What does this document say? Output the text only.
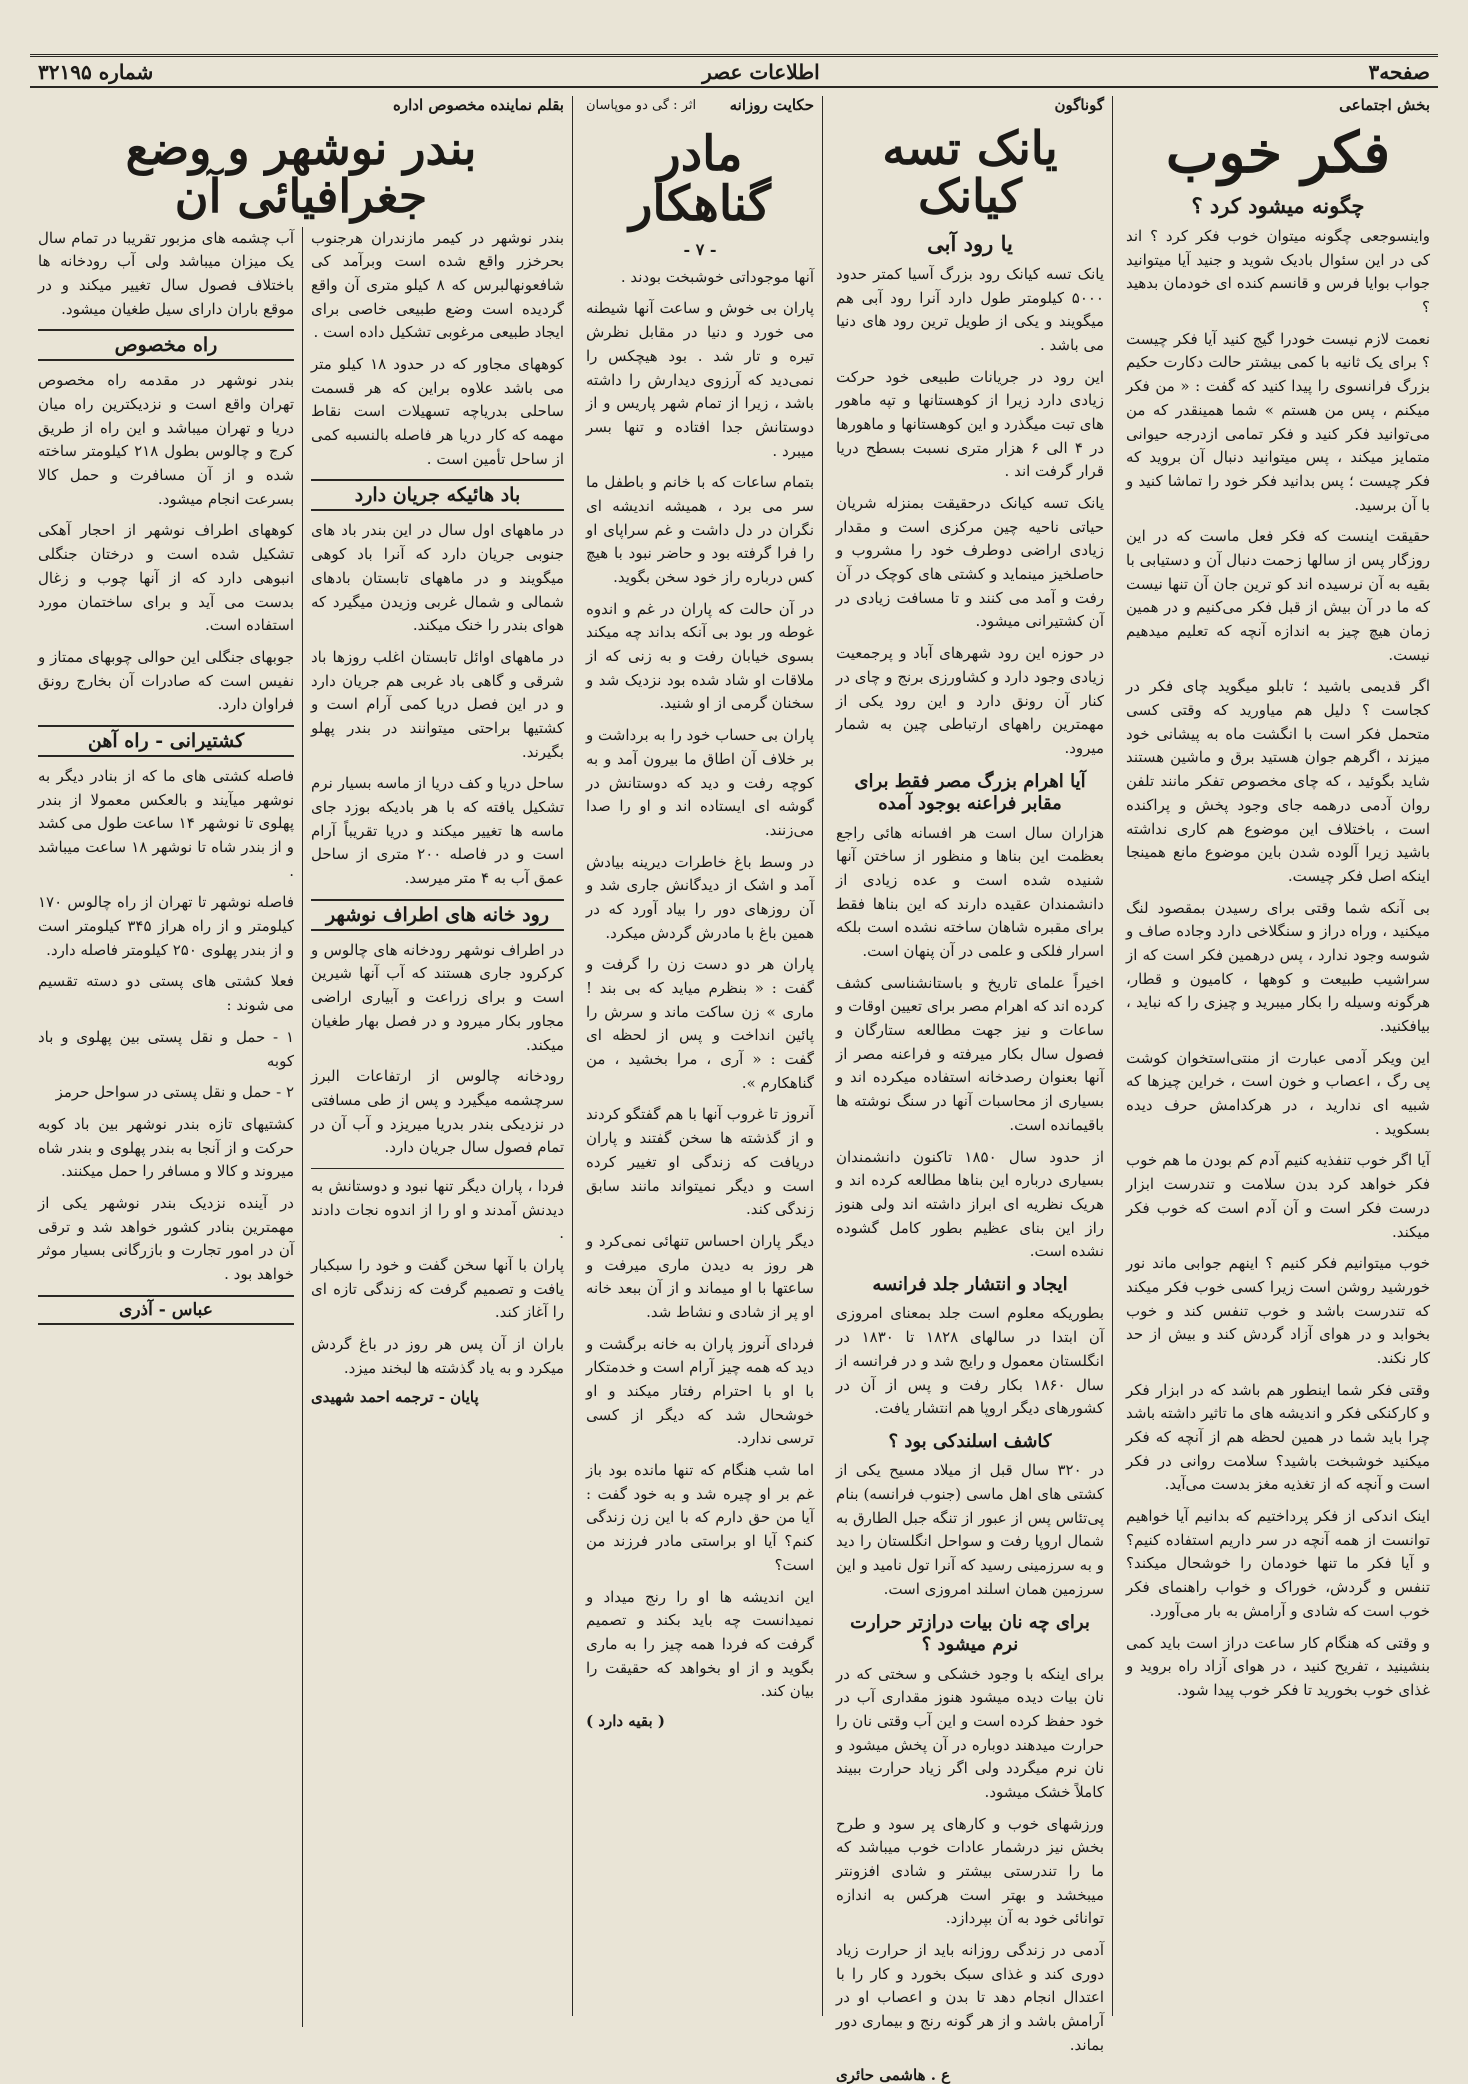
صفحه۳
اطلاعات عصر
شماره ۳۲۱۹۵
بخش اجتماعی
فکر خوب
چگونه میشود کرد ؟

واینسوجعی چگونه میتوان خوب فکر کرد ؟ اند کی در این سئوال بادیک شوید و جنید آیا میتوانید جواب بوایا فرس و قانسم کنده ای خودمان بدهید ؟

نعمت لازم نیست خودرا گیج کنید آیا فکر چیست ؟ برای یک ثانیه با کمی بیشتر حالت دکارت حکیم بزرگ فرانسوی را پیدا کنید که گفت : « من فکر میکنم ، پس من هستم » شما همینقدر که من می‌توانید فکر کنید و فکر تمامی ازدرجه حیوانی متمایز میکند ، پس میتوانید دنبال آن بروید که فکر چیست ؛ پس بدانید فکر خود را تماشا کنید و با آن برسید.

حقیقت اینست که فکر فعل ماست که در این روزگار پس از سالها زحمت دنبال آن و دستیابی با بقیه به آن نرسیده اند کو ترین جان آن تنها نیست که ما در آن بیش از قبل فکر می‌کنیم و در همین زمان هیچ چیز به اندازه آنچه که تعلیم میدهیم نیست.

اگر قدیمی باشید ؛ تابلو میگوید چای فکر در کجاست ؟ دلیل هم میاورید که وقتی کسی متحمل فکر است با انگشت ماه به پیشانی خود میزند ، اگرهم جوان هستید برق و ماشین هستند شاید بگوئید ، که چای مخصوص تفکر مانند تلفن روان آدمی درهمه جای وجود پخش و پراکنده است ، باختلاف این موضوع هم کاری نداشته باشید زیرا آلوده شدن باین موضوع مانع همینجا اینکه اصل فکر چیست.

بی آنکه شما وقتی برای رسیدن بمقصود لنگ میکنید ، وراه دراز و سنگلاخی دارد وجاده صاف و شوسه وجود ندارد ، پس درهمین فکر است که از سراشیب طبیعت و کوهها ، کامیون و قطار، هرگونه وسیله را بکار میبرید و چیزی را که نباید ، بیافکنید.

این ویکر آدمی عبارت از منتی‌استخوان کوشت پی رگ ، اعصاب و خون است ، خراین چیزها که شبیه ای ندارید ، در هرکدامش حرف دیده بسکوید .

آیا اگر خوب تنفذیه کنیم آدم کم بودن ما هم خوب فکر خواهد کرد بدن سلامت و تندرست ابزار درست فکر است و آن آدم است که خوب فکر میکند.

خوب میتوانیم فکر کنیم ؟ اینهم جوابی ماند نور خورشید روشن است زیرا کسی خوب فکر میکند که تندرست باشد و خوب تنفس کند و خوب بخوابد و در هوای آزاد گردش کند و بیش از حد کار نکند.

وقتی فکر شما اینطور هم باشد که در ابزار فکر و کارکنکی فکر و اندیشه های ما تاثیر داشته باشد چرا باید شما در همین لحظه هم از آنچه که فکر میکنید خوشبخت باشید؟ سلامت روانی در فکر است و آنچه که از تغذیه مغز بدست می‌آید.

اینک اندکی از فکر پرداختیم که بدانیم آیا خواهیم توانست از همه آنچه در سر داریم استفاده کنیم؟ و آیا فکر ما تنها خودمان را خوشحال میکند؟ تنفس و گردش، خوراک و خواب راهنمای فکر خوب است که شادی و آرامش به بار می‌آورد.

و وقتی که هنگام کار ساعت دراز است باید کمی بنشینید ، تفریح کنید ، در هوای آزاد راه بروید و غذای خوب بخورید تا فکر خوب پیدا شود.

گوناگون
یانک تسه کیانک
یا رود آبی

یانک تسه کیانک رود بزرگ آسیا کمتر حدود ۵۰۰۰ کیلومتر طول دارد آنرا رود آبی هم میگویند و یکی از طویل ترین رود های دنیا می باشد .

این رود در جریانات طبیعی خود حرکت زیادی دارد زیرا از کوهستانها و تپه ماهور های تبت میگذرد و این کوهستانها و ماهورها در ۴ الی ۶ هزار متری نسبت بسطح دریا قرار گرفت اند .

یانک تسه کیانک درحقیقت بمنزله شریان حیاتی ناحیه چین مرکزی است و مقدار زیادی اراضی دوطرف خود را مشروب و حاصلخیز مینماید و کشتی های کوچک در آن رفت و آمد می کنند و تا مسافت زیادی در آن کشتیرانی میشود.

در حوزه این رود شهرهای آباد و پرجمعیت زیادی وجود دارد و کشاورزی برنج و چای در کنار آن رونق دارد و این رود یکی از مهمترین راههای ارتباطی چین به شمار میرود.

آیا اهرام بزرگ مصر فقط برای مقابر فراعنه بوجود آمده

هزاران سال است هر افسانه هائی راجع بعظمت این بناها و منظور از ساختن آنها شنیده شده است و عده زیادی از دانشمندان عقیده دارند که این بناها فقط برای مقبره شاهان ساخته نشده است بلکه اسرار فلکی و علمی در آن پنهان است.

اخیراً علمای تاریخ و باستانشناسی کشف کرده اند که اهرام مصر برای تعیین اوقات و ساعات و نیز جهت مطالعه ستارگان و فصول سال بکار میرفته و فراعنه مصر از آنها بعنوان رصدخانه استفاده میکرده اند و بسیاری از محاسبات آنها در سنگ نوشته ها باقیمانده است.

از حدود سال ۱۸۵۰ تاکنون دانشمندان بسیاری درباره این بناها مطالعه کرده اند و هریک نظریه ای ابراز داشته اند ولی هنوز راز این بنای عظیم بطور کامل گشوده نشده است.

ایجاد و انتشار جلد فرانسه

بطوریکه معلوم است جلد بمعنای امروزی آن ابتدا در سالهای ۱۸۲۸ تا ۱۸۳۰ در انگلستان معمول و رایج شد و در فرانسه از سال ۱۸۶۰ بکار رفت و پس از آن در کشورهای دیگر اروپا هم انتشار یافت.

کاشف اسلندکی بود ؟

در ۳۲۰ سال قبل از میلاد مسیح یکی از کشتی های اهل ماسی (جنوب فرانسه) بنام پی‌تئاس پس از عبور از تنگه جبل الطارق به شمال اروپا رفت و سواحل انگلستان را دید و به سرزمینی رسید که آنرا تول نامید و این سرزمین همان اسلند امروزی است.

برای چه نان بیات درازتر حرارت نرم میشود ؟

برای اینکه با وجود خشکی و سختی که در نان بیات دیده میشود هنوز مقداری آب در خود حفظ کرده است و این آب وقتی نان را حرارت میدهند دوباره در آن پخش میشود و نان نرم میگردد ولی اگر زیاد حرارت ببیند کاملاً خشک میشود.

ورزشهای خوب و کارهای پر سود و طرح بخش نیز درشمار عادات خوب میباشد که ما را تندرستی بیشتر و شادی افزونتر میبخشد و بهتر است هرکس به اندازه توانائی خود به آن بپردازد.

آدمی در زندگی روزانه باید از حرارت زیاد دوری کند و غذای سبک بخورد و کار را با اعتدال انجام دهد تا بدن و اعصاب او در آرامش باشد و از هر گونه رنج و بیماری دور بماند.

ع . هاشمی حائری
حکایت روزانه
اثر : گی دو موپاسان
مادر گناهکار
- ۷ -

آنها موجوداتی خوشبخت بودند .

پاران بی خوش و ساعت آنها شیطنه می خورد و دنیا در مقابل نظرش تیره و تار شد . بود هیچکس را نمی‌دید که آرزوی دیدارش را داشته باشد ، زیرا از تمام شهر پاریس و از دوستانش جدا افتاده و تنها بسر میبرد .

بتمام ساعات که با خانم و باطفل ما سر می برد ، همیشه اندیشه ای نگران در دل داشت و غم سراپای او را فرا گرفته بود و حاضر نبود با هیچ کس درباره راز خود سخن بگوید.

در آن حالت که پاران در غم و اندوه غوطه ور بود بی آنکه بداند چه میکند بسوی خیابان رفت و به زنی که از ملاقات او شاد شده بود نزدیک شد و سخنان گرمی از او شنید.

پاران بی حساب خود را به برداشت و بر خلاف آن اطاق ما بیرون آمد و به کوچه رفت و دید که دوستانش در گوشه ای ایستاده اند و او را صدا می‌زنند.

در وسط باغ خاطرات دیرینه بیادش آمد و اشک از دیدگانش جاری شد و آن روزهای دور را بیاد آورد که در همین باغ با مادرش گردش میکرد.

پاران هر دو دست زن را گرفت و گفت : « بنظرم میاید که بی بند ! ماری » زن ساکت ماند و سرش را پائین انداخت و پس از لحظه ای گفت : « آری ، مرا بخشید ، من گناهکارم ».

آنروز تا غروب آنها با هم گفتگو کردند و از گذشته ها سخن گفتند و پاران دریافت که زندگی او تغییر کرده است و دیگر نمیتواند مانند سابق زندگی کند.

دیگر پاران احساس تنهائی نمی‌کرد و هر روز به دیدن ماری میرفت و ساعتها با او میماند و از آن ببعد خانه او پر از شادی و نشاط شد.

فردای آنروز پاران به خانه برگشت و دید که همه چیز آرام است و خدمتکار با او با احترام رفتار میکند و او خوشحال شد که دیگر از کسی ترسی ندارد.

اما شب هنگام که تنها مانده بود باز غم بر او چیره شد و به خود گفت : آیا من حق دارم که با این زن زندگی کنم؟ آیا او براستی مادر فرزند من است؟

این اندیشه ها او را رنج میداد و نمیدانست چه باید بکند و تصمیم گرفت که فردا همه چیز را به ماری بگوید و از او بخواهد که حقیقت را بیان کند.

( بقیه دارد )
بقلم نماینده مخصوص اداره
بندر نوشهر و وضع جغرافیائی آن

بندر نوشهر در کیمر مازندران هرجنوب بحرخزر واقع شده است وبرآمد کی شافعونهالبرس که ۸ کیلو متری آن واقع گردیده است وضع طبیعی خاصی برای ایجاد طبیعی مرغوبی تشکیل داده است .

کوههای مجاور که در حدود ۱۸ کیلو متر می باشد علاوه براین که هر قسمت ساحلی بدرياچه تسهیلات است نقاط مهمه که کار دریا هر فاصله بالنسبه کمی از ساحل تأمین است .

باد هائیکه جریان دارد

در ماههای اول سال در این بندر باد های جنوبی جریان دارد که آنرا باد کوهی میگویند و در ماههای تابستان بادهای شمالی و شمال غربی وزیدن میگیرد که هوای بندر را خنک میکند.

در ماههای اوائل تابستان اغلب روزها باد شرقی و گاهی باد غربی هم جریان دارد و در این فصل دریا کمی آرام است و کشتیها براحتی میتوانند در بندر پهلو بگیرند.

ساحل دریا و کف دریا از ماسه بسیار نرم تشکیل یافته که با هر بادیکه بوزد جای ماسه ها تغییر میکند و دریا تقریباً آرام است و در فاصله ۲۰۰ متری از ساحل عمق آب به ۴ متر میرسد.

رود خانه های اطراف نوشهر

در اطراف نوشهر رودخانه های چالوس و کرکرود جاری هستند که آب آنها شیرین است و برای زراعت و آبیاری اراضی مجاور بکار میرود و در فصل بهار طغیان میکند.

رودخانه چالوس از ارتفاعات البرز سرچشمه میگیرد و پس از طی مسافتی در نزدیکی بندر بدریا میریزد و آب آن در تمام فصول سال جریان دارد.

فردا ، پاران دیگر تنها نبود و دوستانش به دیدنش آمدند و او را از اندوه نجات دادند .

پاران با آنها سخن گفت و خود را سبکبار یافت و تصمیم گرفت که زندگی تازه ای را آغاز کند.

باران از آن پس هر روز در باغ گردش میکرد و به یاد گذشته ها لبخند میزد.

پایان - ترجمه احمد شهیدی

آب چشمه های مزبور تقریبا در تمام سال یک میزان میباشد ولی آب رودخانه ها باختلاف فصول سال تغییر میکند و در موقع باران دارای سیل طغیان میشود.

راه مخصوص

بندر نوشهر در مقدمه راه مخصوص تهران واقع است و نزدیکترین راه میان دریا و تهران میباشد و این راه از طریق کرج و چالوس بطول ۲۱۸ کیلومتر ساخته شده و از آن مسافرت و حمل کالا بسرعت انجام میشود.

کوههای اطراف نوشهر از احجار آهکی تشکیل شده است و درختان جنگلی انبوهی دارد که از آنها چوب و زغال بدست می آید و برای ساختمان مورد استفاده است.

جوبهای جنگلی این حوالی چوبهای ممتاز و نفیس است که صادرات آن بخارج رونق فراوان دارد.

کشتیرانی - راه آهن

فاصله کشتی های ما که از بنادر دیگر به نوشهر میآیند و بالعکس معمولا از بندر پهلوی تا نوشهر ۱۴ ساعت طول می کشد و از بندر شاه تا نوشهر ۱۸ ساعت میباشد .

فاصله نوشهر تا تهران از راه چالوس ۱۷۰ کیلومتر و از راه هراز ۳۴۵ کیلومتر است و از بندر پهلوی ۲۵۰ کیلومتر فاصله دارد.

فعلا کشتی های پستی دو دسته تقسیم می شوند :

۱ - حمل و نقل پستی بین پهلوی و باد کوبه

۲ - حمل و نقل پستی در سواحل حرمز

کشتیهای تازه بندر نوشهر بین باد کوبه حرکت و از آنجا به بندر پهلوی و بندر شاه میروند و کالا و مسافر را حمل میکنند.

در آینده نزدیک بندر نوشهر یکی از مهمترین بنادر کشور خواهد شد و ترقی آن در امور تجارت و بازرگانی بسیار موثر خواهد بود .

عباس - آذری
